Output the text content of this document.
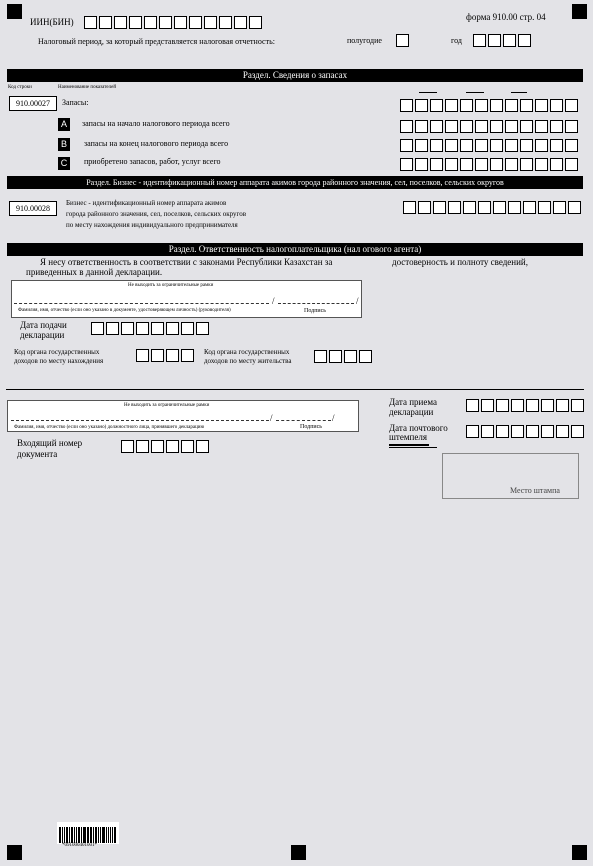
ИИН(БИН)	форма 910.00 стр. 04
Налоговый период, за который представляется налоговая отчетность:	полугодие	год
Раздел. Сведения о запасах
Код строки	Наименование показателей
910.00027	Запасы:
A	запасы на начало налогового периода всего
B	запасы на конец налогового периода всего
C	приобретено запасов, работ, услуг всего
Раздел. Бизнес - идентификационный номер аппарата акимов города районного значения, сел, поселков, сельских округов
910.00028
Бизнес - идентификационный номер аппарата акимов
города районного значения, сел, поселков, сельских округов
по месту нахождения индивидуального предпринимателя
Раздел. Ответственность налогоплательщика (нал огового агента)
Я несу ответственность в соответствии с законами Республики Казахстан за	достоверность и полноту сведений,
приведенных в данной декларации.
Не выходить за ограничительные рамки
/	/
Фамилия, имя, отчество (если оно указано в документе, удостоверяющем личность) (руководителя)	Подпись
Дата подачи
декларации
Код органа государственных
доходов по месту нахождения
Код органа государственных
доходов по месту жительства
Не выходить за ограничительные рамки
/	/
Фамилия, имя, отчество (если оно указано) должностного лица, принявшего декларацию	Подпись
Дата приема
декларации
Дата почтового
штемпеля
Входящий номер
документа
Место штампа
*091000401001*
